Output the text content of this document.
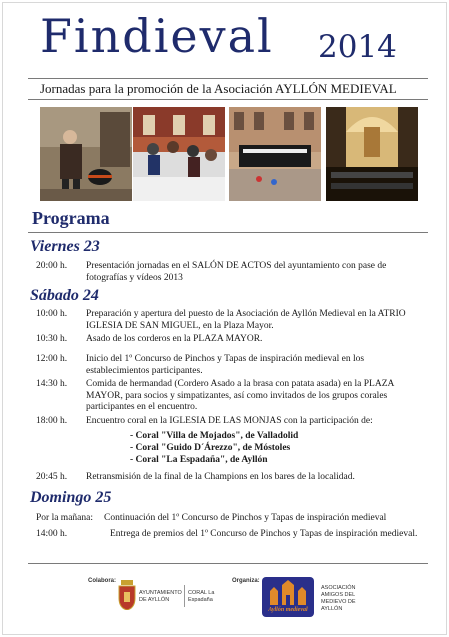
Findieval 2014
Jornadas para la promoción de la Asociación AYLLÓN MEDIEVAL
Programa
Viernes 23
20:00 h. Presentación jornadas en el SALÓN DE ACTOS del ayuntamiento con pase de fotografías y vídeos 2013
Sábado 24
10:00 h. Preparación y apertura del puesto de la Asociación de Ayllón Medieval en la ATRIO IGLESIA DE SAN MIGUEL, en la Plaza Mayor.
10:30 h. Asado de los corderos en la PLAZA MAYOR.
12:00 h. Inicio del 1º Concurso de Pinchos y Tapas de inspiración medieval en los establecimientos participantes.
14:30 h. Comida de hermandad (Cordero Asado a la brasa con patata asada) en la PLAZA MAYOR, para socios y simpatizantes, así como invitados de los grupos corales participantes en el encuentro.
18:00 h. Encuentro coral en la IGLESIA DE LAS MONJAS con la participación de:
- Coral "Villa de Mojados", de Valladolid
- Coral "Guido D´Árezzo", de Móstoles
- Coral "La Espadaña", de Ayllón
20:45 h. Retransmisión de la final de la Champions en los bares de la localidad.
Domingo 25
Por la mañana: Continuación del 1º Concurso de Pinchos y Tapas de inspiración medieval
14:00 h.	Entrega de premios del 1º Concurso de Pinchos y Tapas de inspiración medieval.
Colabora:
AYUNTAMIENTO DE AYLLÓN
CORAL La Espadaña
Organiza:
Ayllón medieval
ASOCIACIÓN AMIGOS DEL MEDIEVO DE AYLLÓN
